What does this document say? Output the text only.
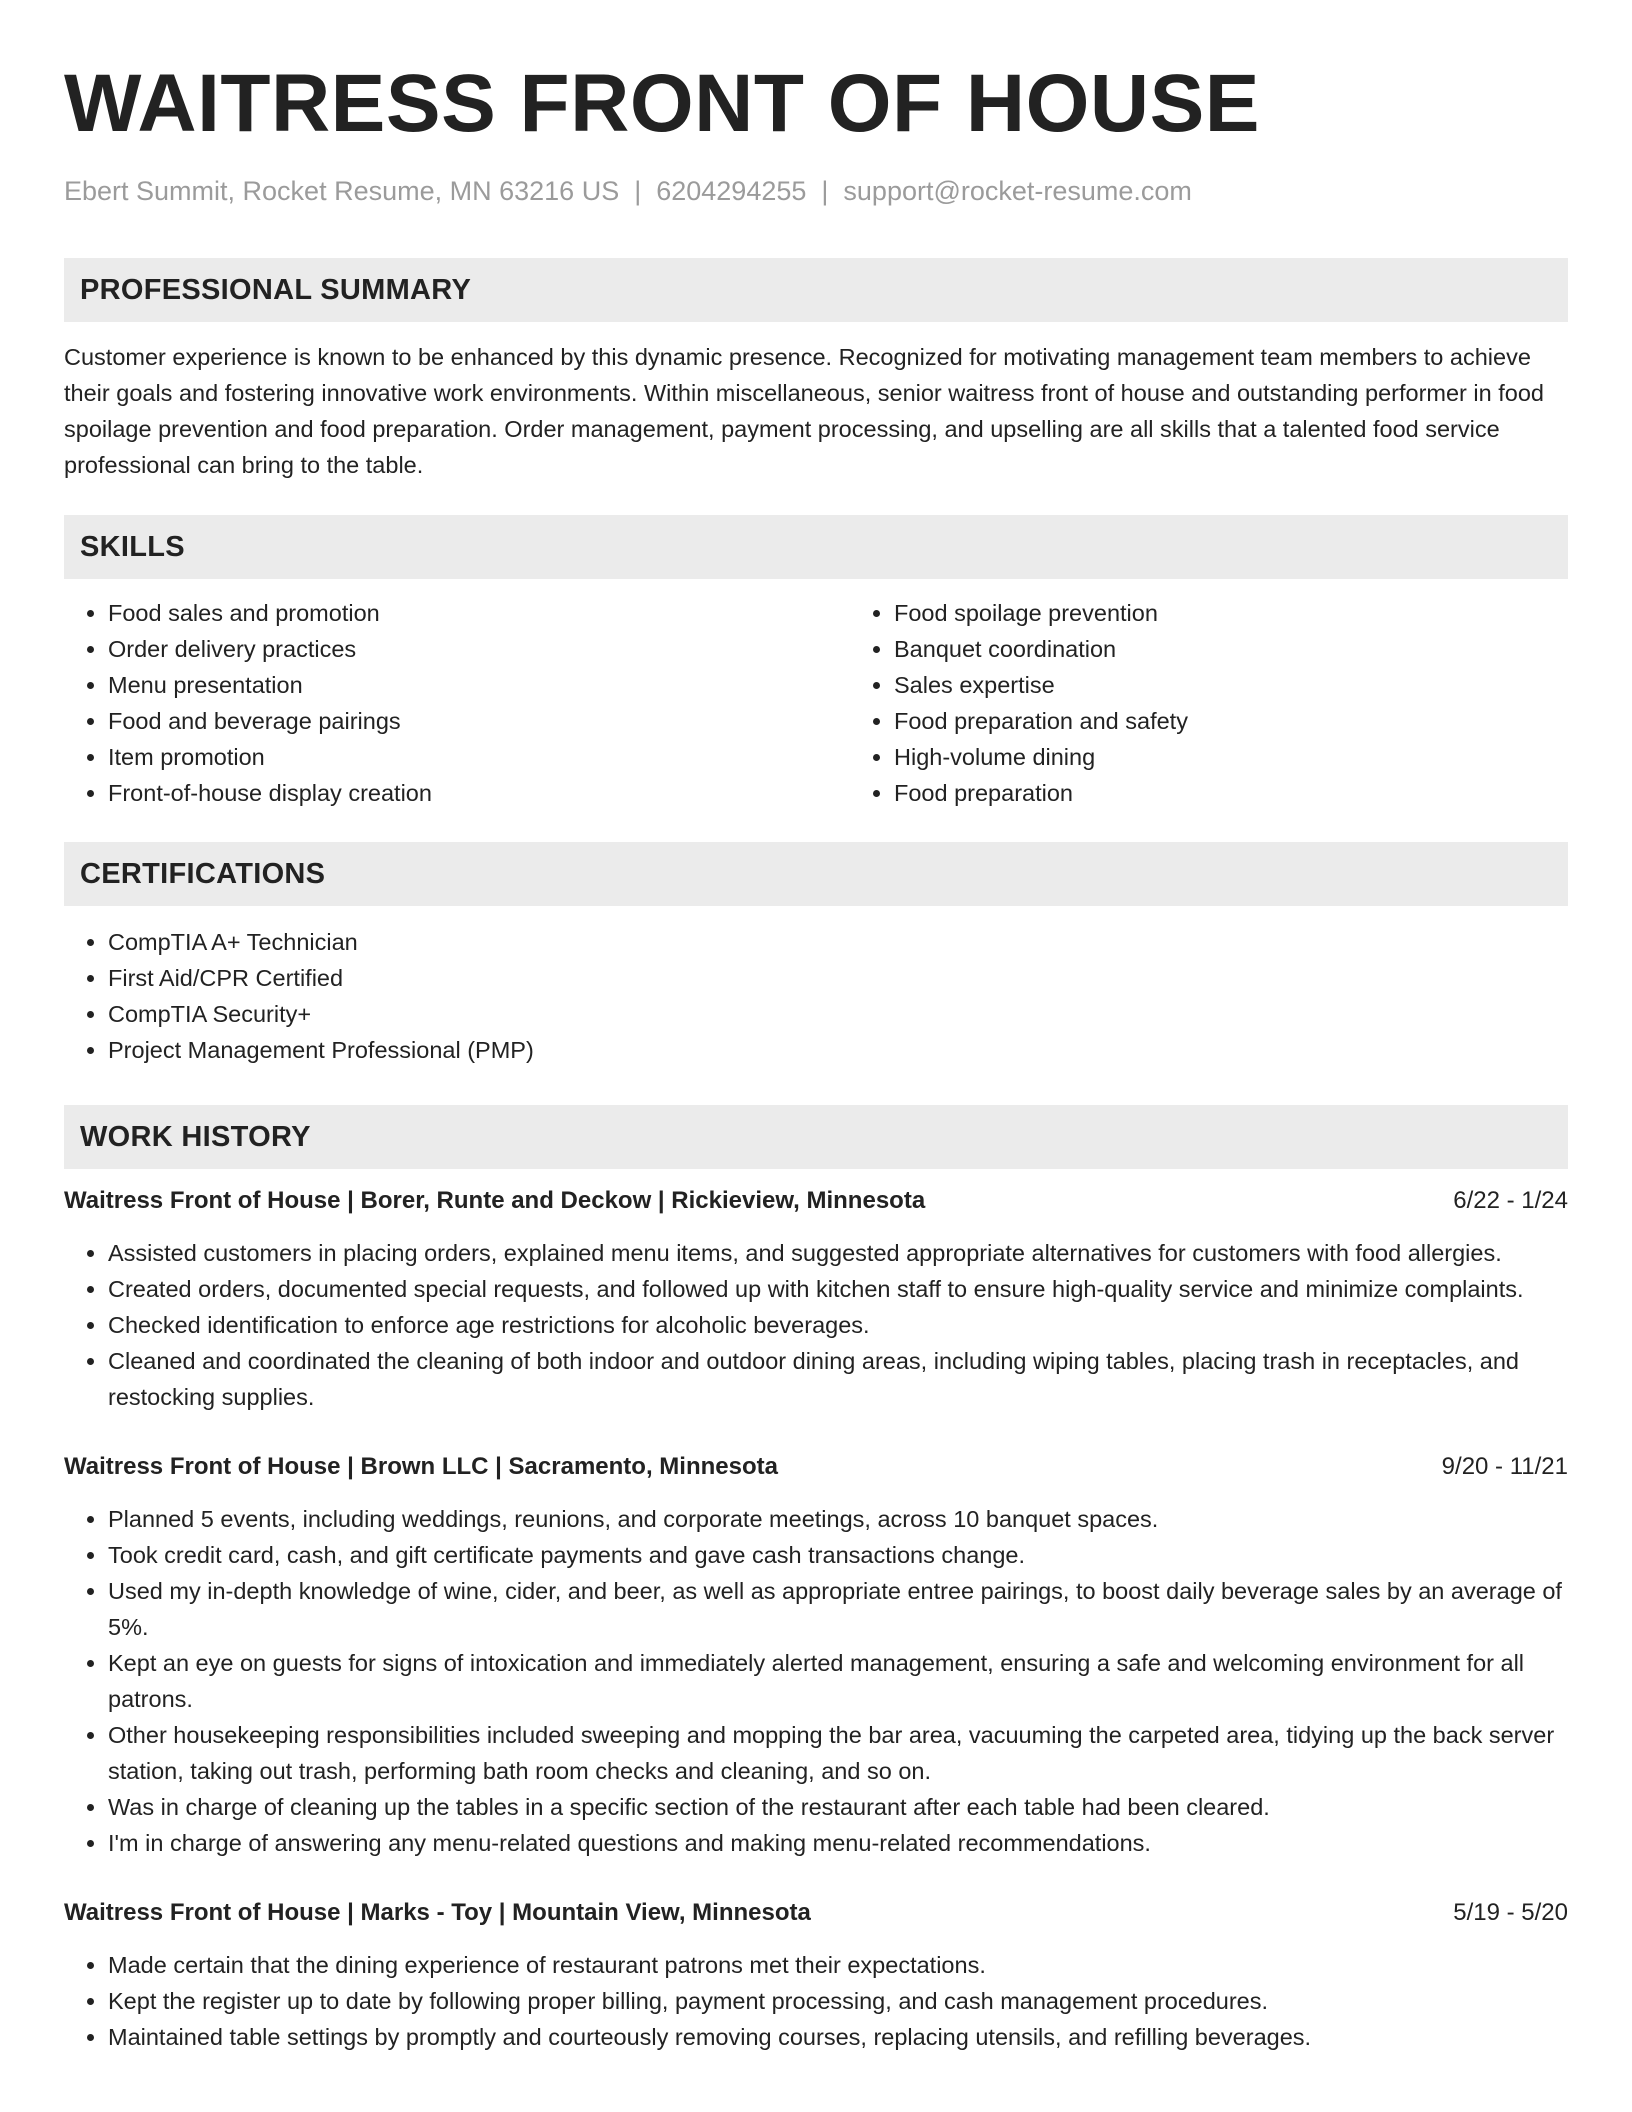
WAITRESS FRONT OF HOUSE
Ebert Summit, Rocket Resume, MN 63216 US | 6204294255 | support@rocket-resume.com
PROFESSIONAL SUMMARY

Customer experience is known to be enhanced by this dynamic presence. Recognized for motivating management team members to achieve their goals and fostering innovative work environments. Within miscellaneous, senior waitress front of house and outstanding performer in food spoilage prevention and food preparation. Order management, payment processing, and upselling are all skills that a talented food service professional can bring to the table.

SKILLS
• Food sales and promotion
• Order delivery practices
• Menu presentation
• Food and beverage pairings
• Item promotion
• Front-of-house display creation
• Food spoilage prevention
• Banquet coordination
• Sales expertise
• Food preparation and safety
• High-volume dining
• Food preparation
CERTIFICATIONS
• CompTIA A+ Technician
• First Aid/CPR Certified
• CompTIA Security+
• Project Management Professional (PMP)
WORK HISTORY
Waitress Front of House | Borer, Runte and Deckow | Rickieview, Minnesota	6/22 - 1/24
• Assisted customers in placing orders, explained menu items, and suggested appropriate alternatives for customers with food allergies.
• Created orders, documented special requests, and followed up with kitchen staff to ensure high-quality service and minimize complaints.
• Checked identification to enforce age restrictions for alcoholic beverages.
• Cleaned and coordinated the cleaning of both indoor and outdoor dining areas, including wiping tables, placing trash in receptacles, and restocking supplies.
Waitress Front of House | Brown LLC | Sacramento, Minnesota	9/20 - 11/21
• Planned 5 events, including weddings, reunions, and corporate meetings, across 10 banquet spaces.
• Took credit card, cash, and gift certificate payments and gave cash transactions change.
• Used my in-depth knowledge of wine, cider, and beer, as well as appropriate entree pairings, to boost daily beverage sales by an average of 5%.
• Kept an eye on guests for signs of intoxication and immediately alerted management, ensuring a safe and welcoming environment for all patrons.
• Other housekeeping responsibilities included sweeping and mopping the bar area, vacuuming the carpeted area, tidying up the back server station, taking out trash, performing bath room checks and cleaning, and so on.
• Was in charge of cleaning up the tables in a specific section of the restaurant after each table had been cleared.
• I'm in charge of answering any menu-related questions and making menu-related recommendations.
Waitress Front of House | Marks - Toy | Mountain View, Minnesota	5/19 - 5/20
• Made certain that the dining experience of restaurant patrons met their expectations.
• Kept the register up to date by following proper billing, payment processing, and cash management procedures.
• Maintained table settings by promptly and courteously removing courses, replacing utensils, and refilling beverages.
